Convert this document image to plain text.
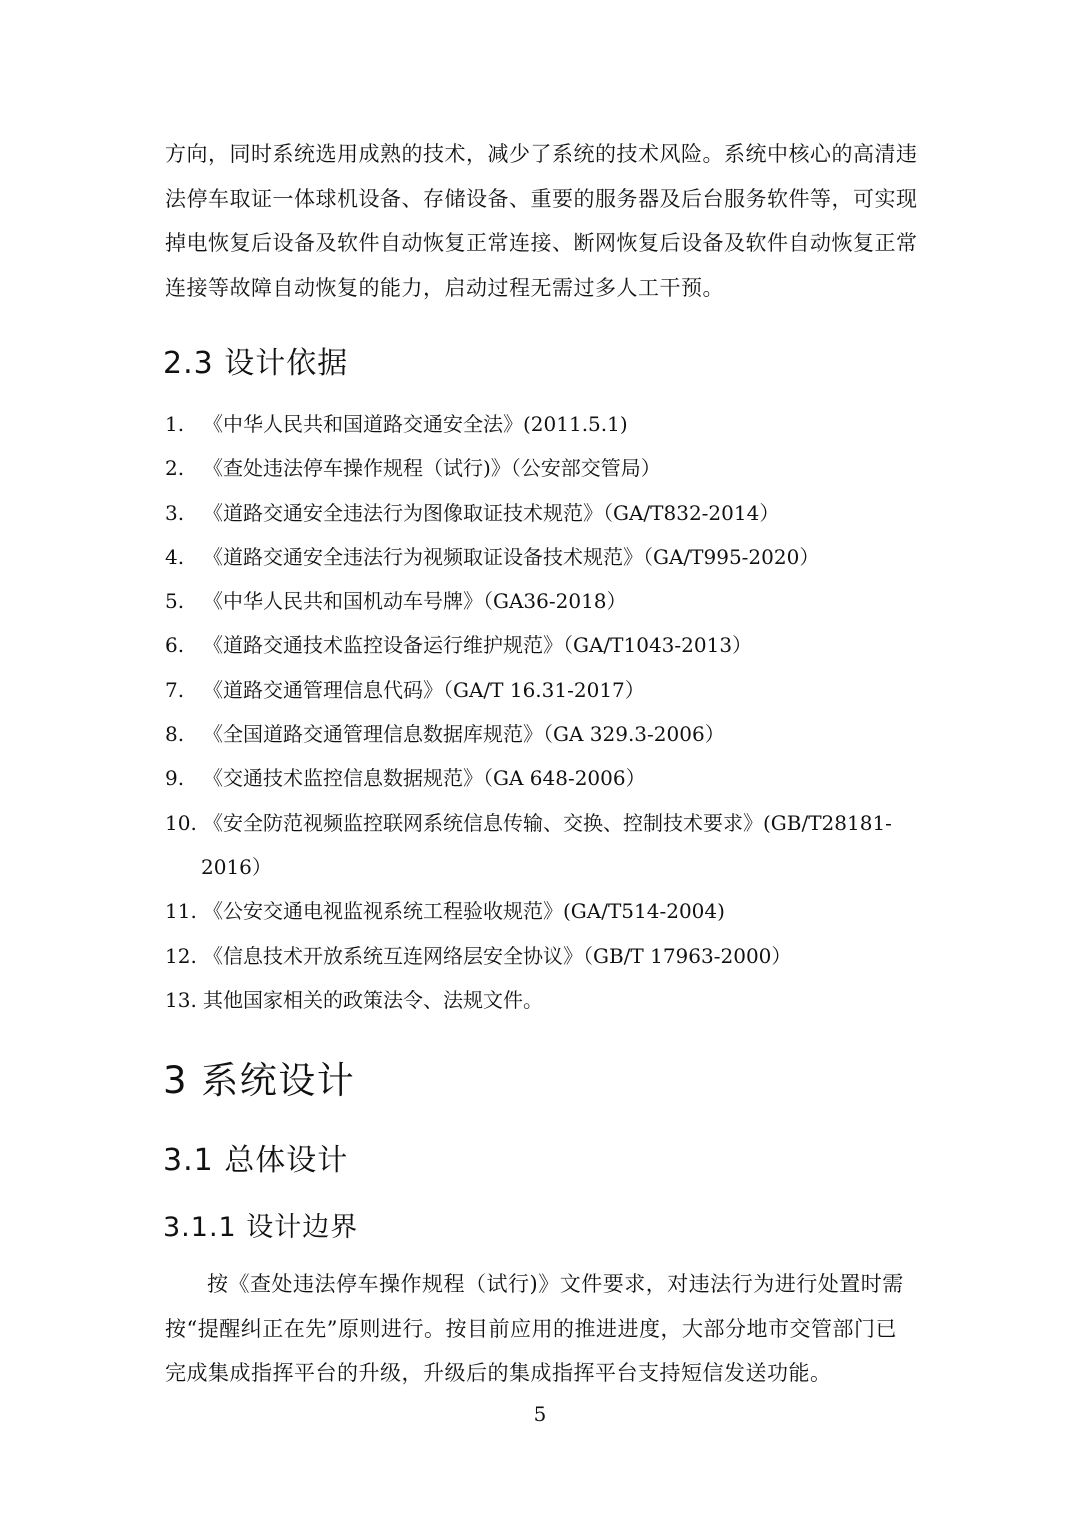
方向，同时系统选用成熟的技术，减少了系统的技术风险。系统中核心的高清违
法停车取证一体球机设备、存储设备、重要的服务器及后台服务软件等，可实现
掉电恢复后设备及软件自动恢复正常连接、断网恢复后设备及软件自动恢复正常
连接等故障自动恢复的能力，启动过程无需过多人工干预。

2.3 设计依据
1. 《中华人民共和国道路交通安全法》(2011.5.1)
2. 《查处违法停车操作规程（试行)》（公安部交管局）
3. 《道路交通安全违法行为图像取证技术规范》（GA/T832-2014）
4. 《道路交通安全违法行为视频取证设备技术规范》（GA/T995-2020）
5. 《中华人民共和国机动车号牌》（GA36-2018）
6. 《道路交通技术监控设备运行维护规范》（GA/T1043-2013）
7. 《道路交通管理信息代码》（GA/T 16.31-2017）
8. 《全国道路交通管理信息数据库规范》（GA 329.3-2006）
9. 《交通技术监控信息数据规范》（GA 648-2006）
10. 《安全防范视频监控联网系统信息传输、交换、控制技术要求》(GB/T28181-
2016）
11. 《公安交通电视监视系统工程验收规范》(GA/T514-2004)
12. 《信息技术开放系统互连网络层安全协议》（GB/T 17963-2000）
13. 其他国家相关的政策法令、法规文件。
3 系统设计
3.1 总体设计
3.1.1 设计边界

按《查处违法停车操作规程（试行)》文件要求，对违法行为进行处置时需
按“提醒纠正在先”原则进行。按目前应用的推进进度，大部分地市交管部门已
完成集成指挥平台的升级，升级后的集成指挥平台支持短信发送功能。

5
